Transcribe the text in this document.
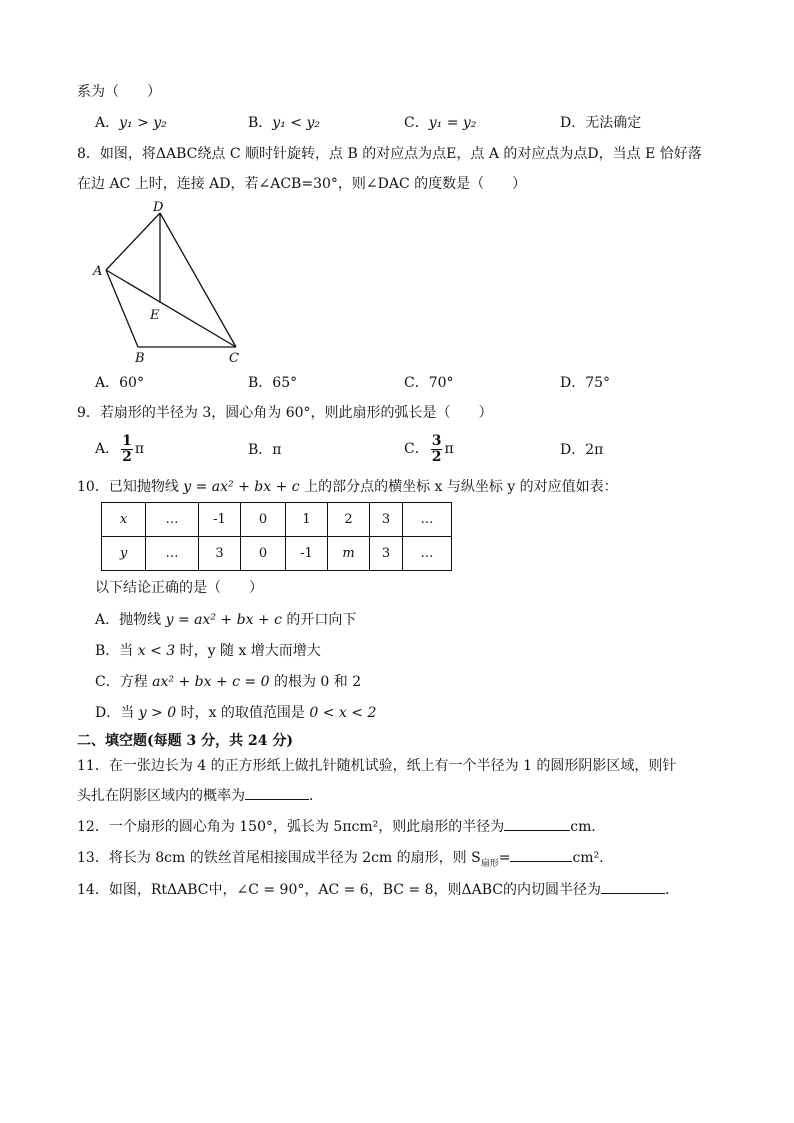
系为（　　）
A．y₁ > y₂	B．y₁ < y₂	C．y₁ = y₂	D．无法确定
8．如图，将ΔABC绕点 C 顺时针旋转，点 B 的对应点为点E，点 A 的对应点为点D，当点 E 恰好落
在边 AC 上时，连接 AD，若∠ACB=30°，则∠DAC 的度数是（　　）
D
A
E
B	C
A．60°	B．65°	C．70°	D．75°
9．若扇形的半径为 3，圆心角为 60°，则此扇形的弧长是（　　）
A． $\frac{1}{2}$ π	B．π	C． $\frac{3}{2}$ π	D．2π
10．已知抛物线 y = ax² + bx + c 上的部分点的横坐标 x 与纵坐标 y 的对应值如表：
x	…	-1	0	1	2	3	…
y	…	3	0	-1	m	3	…
以下结论正确的是（　　）
A．抛物线 y = ax² + bx + c 的开口向下
B．当 x < 3 时，y 随 x 增大而增大
C．方程 ax² + bx + c = 0 的根为 0 和 2
D．当 y > 0 时，x 的取值范围是 0 < x < 2
二、填空题(每题 3 分，共 24 分)
11．在一张边长为 4 的正方形纸上做扎针随机试验，纸上有一个半径为 1 的圆形阴影区域，则针
头扎在阴影区域内的概率为	．
12．一个扇形的圆心角为 150°，弧长为 5πcm²，则此扇形的半径为	cm．
13．将长为 8cm 的铁丝首尾相接围成半径为 2cm 的扇形，则 $S_{扇形}=$	cm².
14．如图，RtΔABC中，∠C = 90°，AC = 6，BC = 8，则ΔABC的内切圆半径为	．
